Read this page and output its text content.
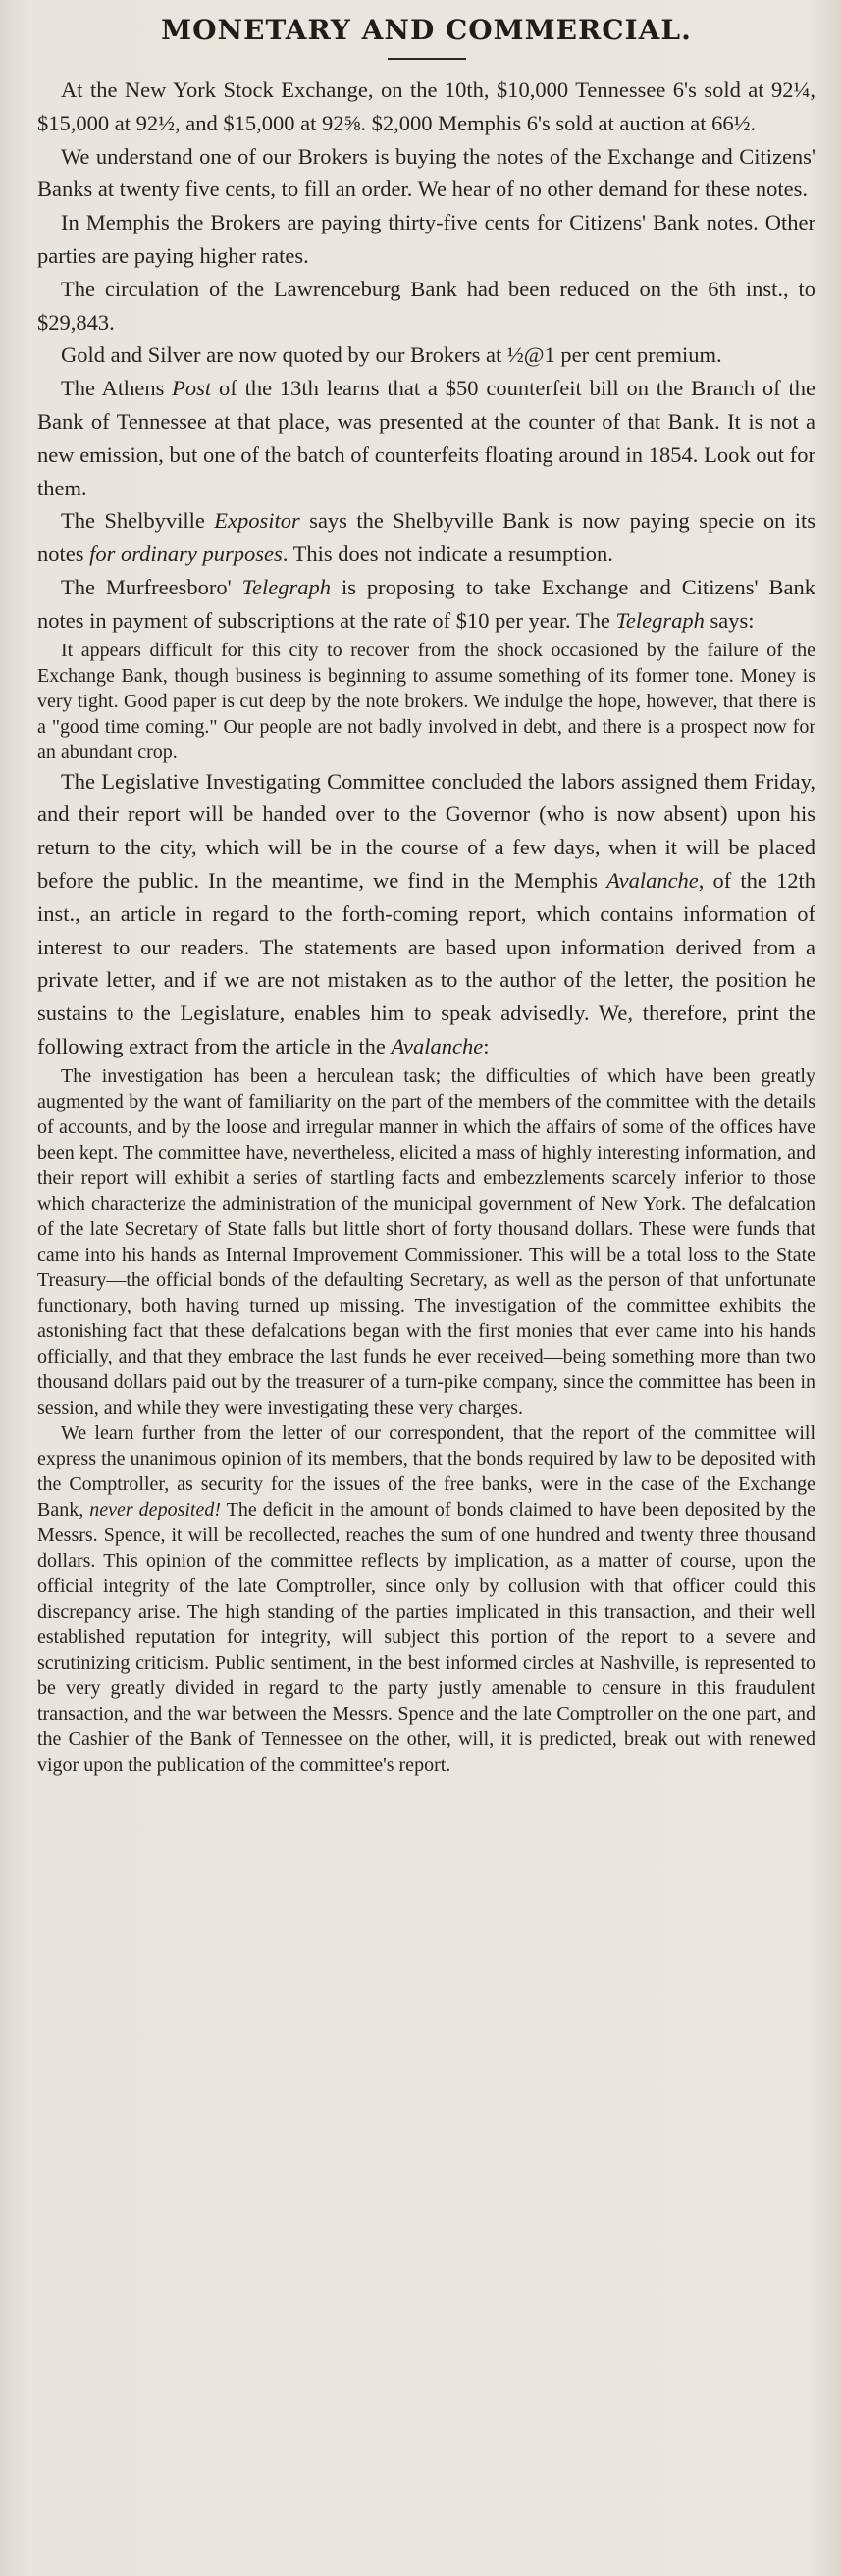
MONETARY AND COMMERCIAL.

At the New York Stock Exchange, on the 10th, $10,000 Tennessee 6's sold at 92¼, $15,000 at 92½, and $15,000 at 92⅝. $2,000 Memphis 6's sold at auction at 66½.

We understand one of our Brokers is buying the notes of the Exchange and Citizens' Banks at twenty five cents, to fill an order. We hear of no other demand for these notes.

In Memphis the Brokers are paying thirty-five cents for Citizens' Bank notes. Other parties are paying higher rates.

The circulation of the Lawrenceburg Bank had been reduced on the 6th inst., to $29,843.

Gold and Silver are now quoted by our Brokers at ½@1 per cent premium.

The Athens Post of the 13th learns that a $50 counterfeit bill on the Branch of the Bank of Tennessee at that place, was presented at the counter of that Bank. It is not a new emission, but one of the batch of counterfeits floating around in 1854. Look out for them.

The Shelbyville Expositor says the Shelbyville Bank is now paying specie on its notes for ordinary purposes. This does not indicate a resumption.

The Murfreesboro' Telegraph is proposing to take Exchange and Citizens' Bank notes in payment of subscriptions at the rate of $10 per year. The Telegraph says:

It appears difficult for this city to recover from the shock occasioned by the failure of the Exchange Bank, though business is beginning to assume something of its former tone. Money is very tight. Good paper is cut deep by the note brokers. We indulge the hope, however, that there is a "good time coming." Our people are not badly involved in debt, and there is a prospect now for an abundant crop.

The Legislative Investigating Committee concluded the labors assigned them Friday, and their report will be handed over to the Governor (who is now absent) upon his return to the city, which will be in the course of a few days, when it will be placed before the public. In the meantime, we find in the Memphis Avalanche, of the 12th inst., an article in regard to the forth-coming report, which contains information of interest to our readers. The statements are based upon information derived from a private letter, and if we are not mistaken as to the author of the letter, the position he sustains to the Legislature, enables him to speak advisedly. We, therefore, print the following extract from the article in the Avalanche:

The investigation has been a herculean task; the difficulties of which have been greatly augmented by the want of familiarity on the part of the members of the committee with the details of accounts, and by the loose and irregular manner in which the affairs of some of the offices have been kept. The committee have, nevertheless, elicited a mass of highly interesting information, and their report will exhibit a series of startling facts and embezzlements scarcely inferior to those which characterize the administration of the municipal government of New York. The defalcation of the late Secretary of State falls but little short of forty thousand dollars. These were funds that came into his hands as Internal Improvement Commissioner. This will be a total loss to the State Treasury—the official bonds of the defaulting Secretary, as well as the person of that unfortunate functionary, both having turned up missing. The investigation of the committee exhibits the astonishing fact that these defalcations began with the first monies that ever came into his hands officially, and that they embrace the last funds he ever received—being something more than two thousand dollars paid out by the treasurer of a turn-pike company, since the committee has been in session, and while they were investigating these very charges.

We learn further from the letter of our correspondent, that the report of the committee will express the unanimous opinion of its members, that the bonds required by law to be deposited with the Comptroller, as security for the issues of the free banks, were in the case of the Exchange Bank, never deposited! The deficit in the amount of bonds claimed to have been deposited by the Messrs. Spence, it will be recollected, reaches the sum of one hundred and twenty three thousand dollars. This opinion of the committee reflects by implication, as a matter of course, upon the official integrity of the late Comptroller, since only by collusion with that officer could this discrepancy arise. The high standing of the parties implicated in this transaction, and their well established reputation for integrity, will subject this portion of the report to a severe and scrutinizing criticism. Public sentiment, in the best informed circles at Nashville, is represented to be very greatly divided in regard to the party justly amenable to censure in this fraudulent transaction, and the war between the Messrs. Spence and the late Comptroller on the one part, and the Cashier of the Bank of Tennessee on the other, will, it is predicted, break out with renewed vigor upon the publication of the committee's report.
